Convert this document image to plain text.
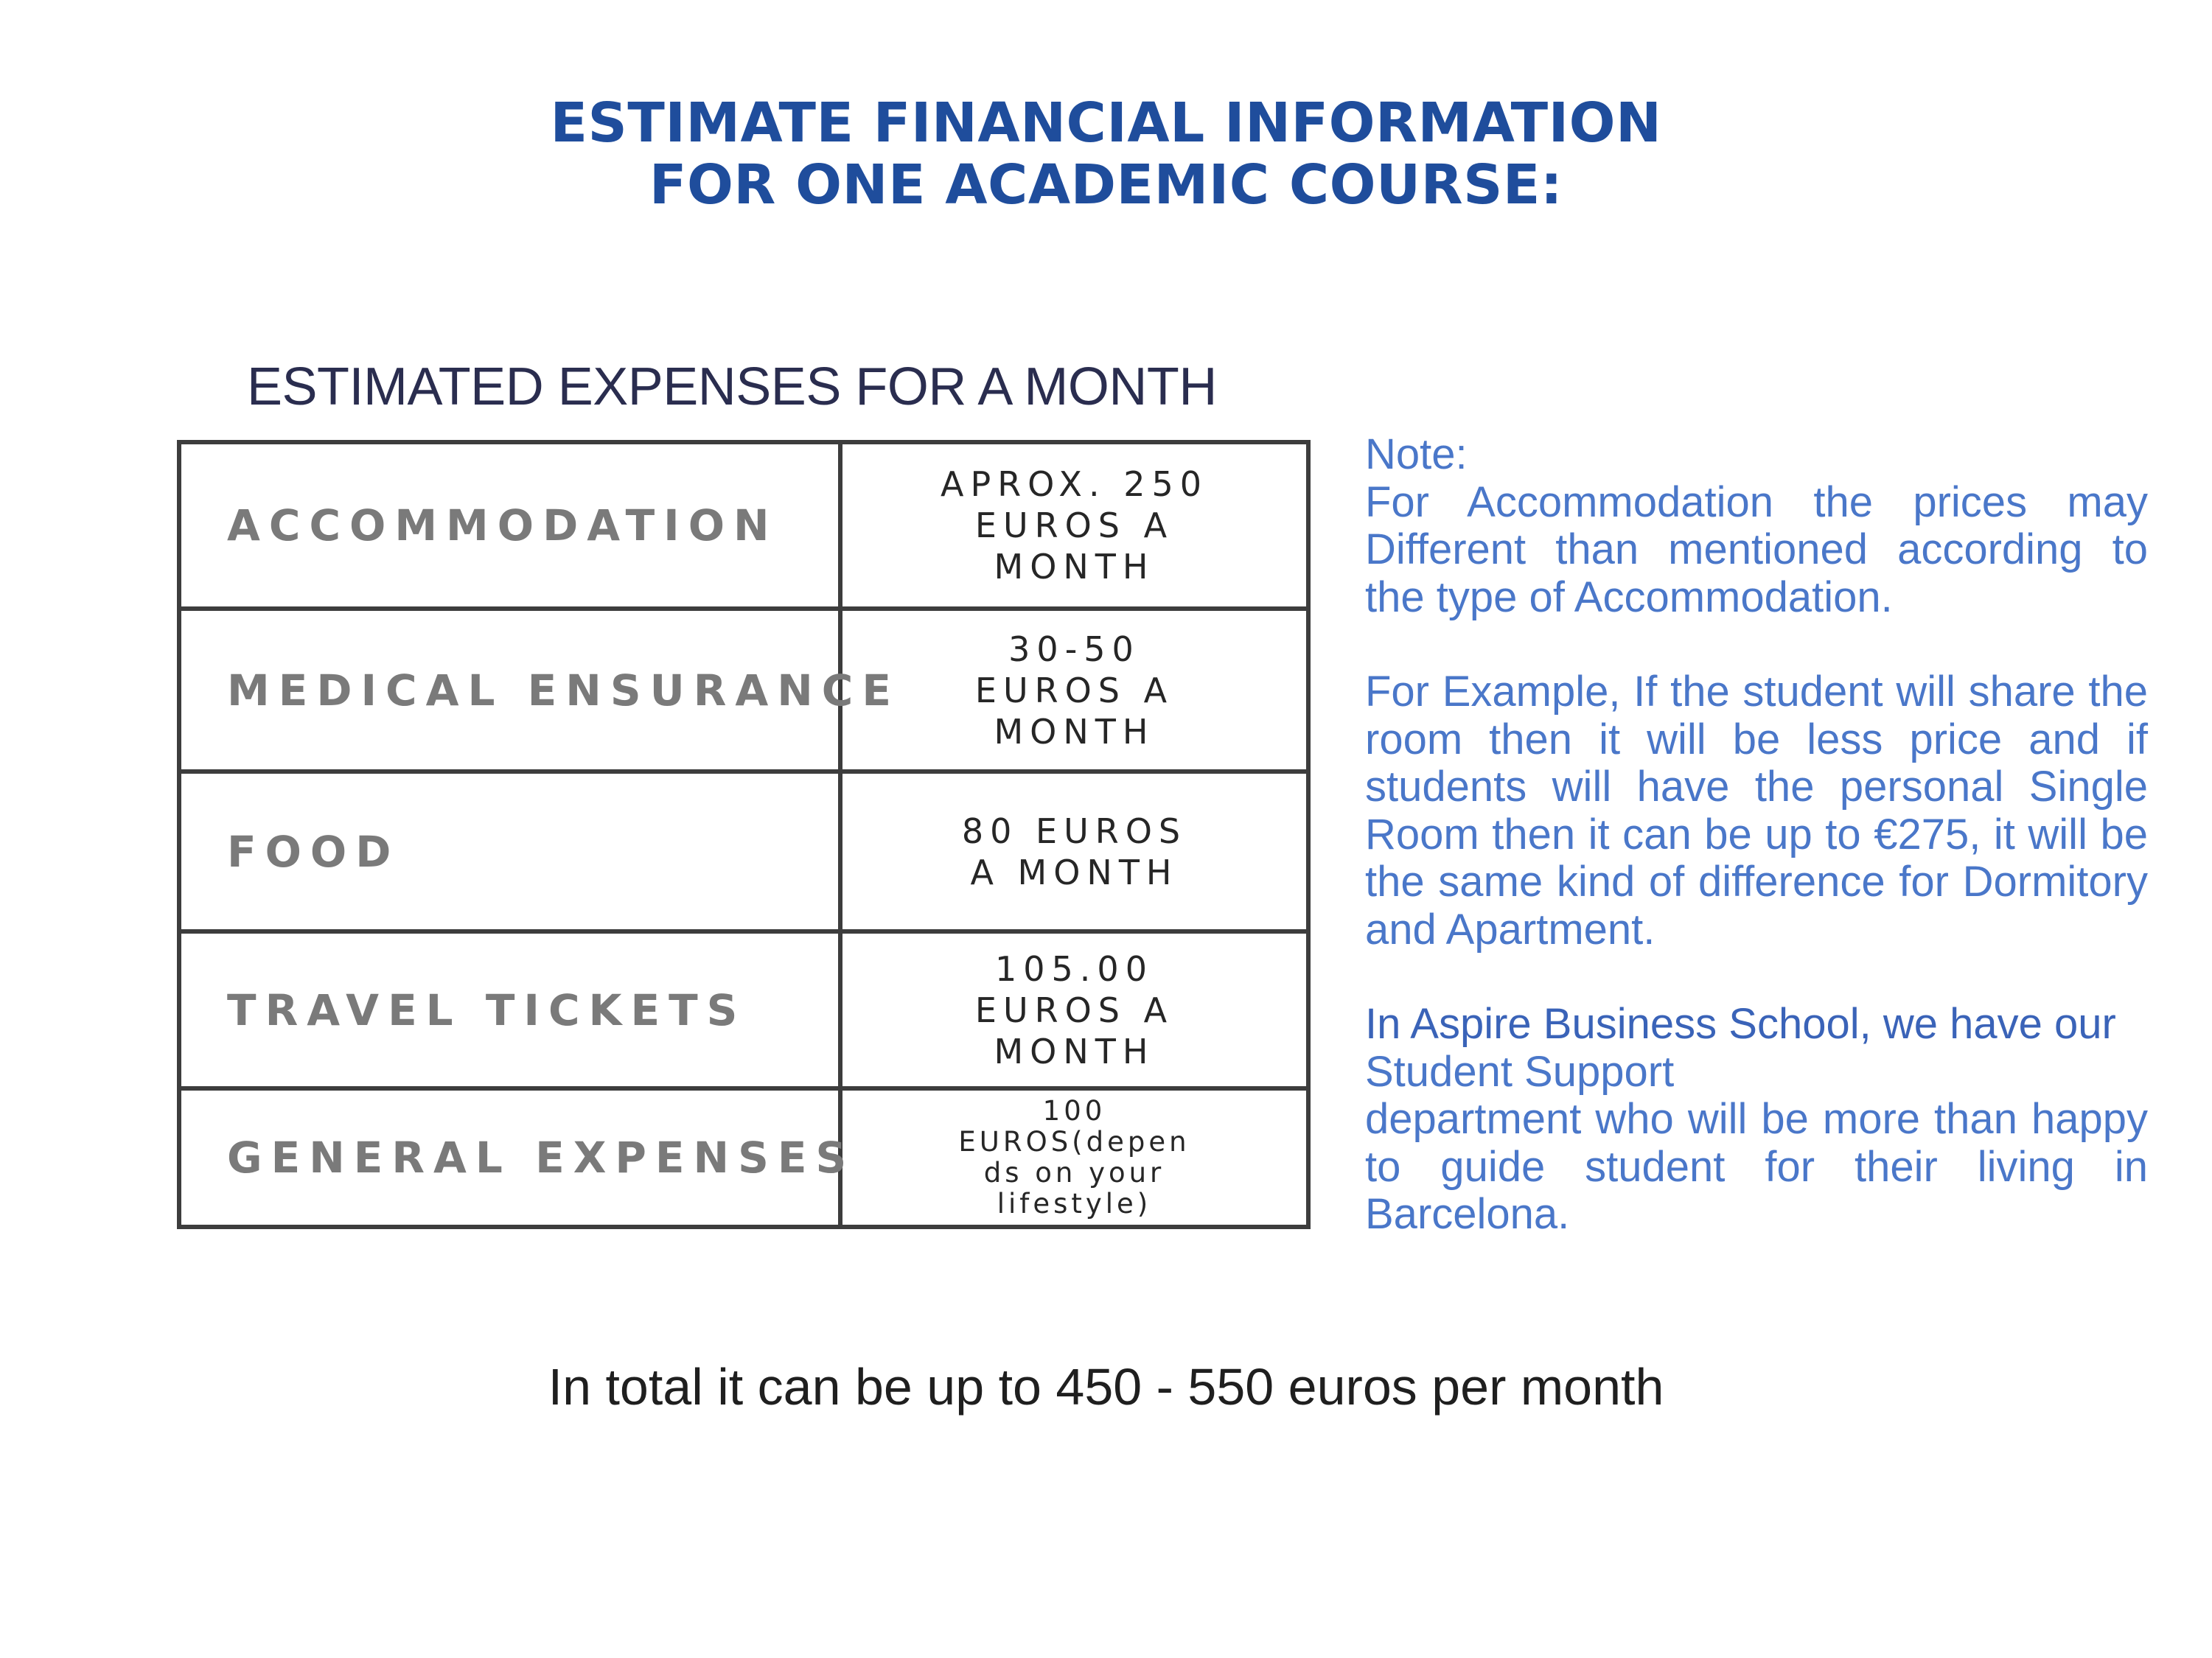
ESTIMATE FINANCIAL INFORMATION
FOR ONE ACADEMIC COURSE:
ESTIMATED EXPENSES FOR A MONTH
ACCOMMODATION
APROX. 250
EUROS A
MONTH
MEDICAL ENSURANCE
30-50
EUROS A
MONTH
FOOD	80 EUROS
A MONTH
TRAVEL TICKETS
105.00
EUROS A
MONTH
GENERAL EXPENSES
100
EUROS(depen
ds on your
lifestyle)

Note:

For Accommodation the prices may Different than mentioned according to the type of Accommodation.

For Example, If the student will share the room then it will be less price and if students will have the personal Single Room then it can be up to €275, it will be the same kind of difference for Dormitory and Apartment.

In Aspire Business School, we have our

Student Support

department who will be more than happy to guide student for their living in Barcelona.

In total it can be up to 450 - 550 euros per month
